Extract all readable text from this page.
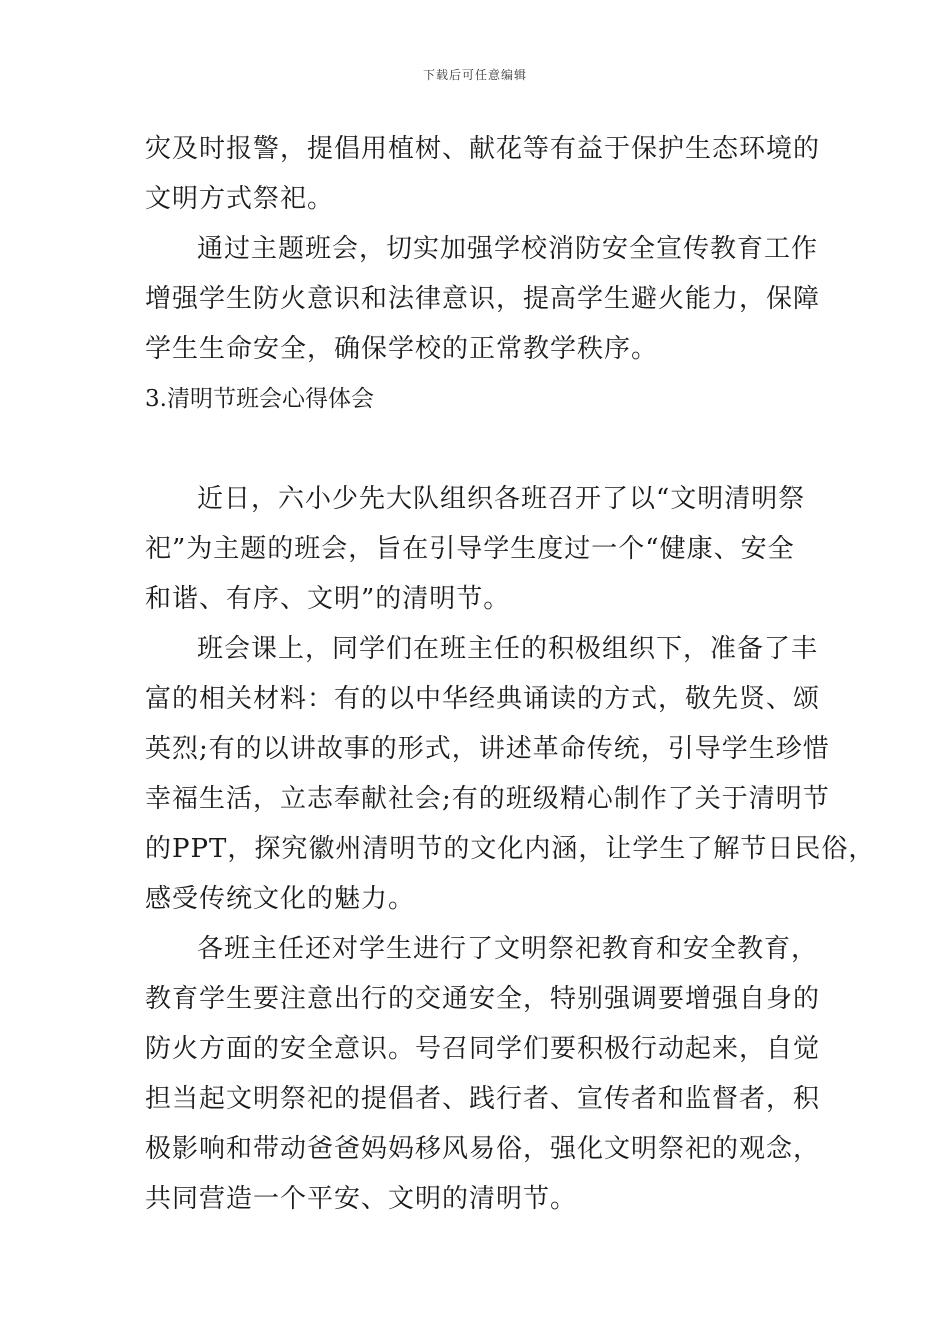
下载后可任意编辑
灾及时报警，提倡用植树、献花等有益于保护生态环境的
文明方式祭祀。
通过主题班会，切实加强学校消防安全宣传教育工作
增强学生防火意识和法律意识，提高学生避火能力，保障
学生生命安全，确保学校的正常教学秩序。
3.清明节班会心得体会
近日，六小少先大队组织各班召开了以“文明清明祭
祀”为主题的班会，旨在引导学生度过一个“健康、安全
和谐、有序、文明”的清明节。
班会课上，同学们在班主任的积极组织下，准备了丰
富的相关材料：有的以中华经典诵读的方式，敬先贤、颂
英烈;有的以讲故事的形式，讲述革命传统，引导学生珍惜
幸福生活，立志奉献社会;有的班级精心制作了关于清明节
的PPT，探究徽州清明节的文化内涵，让学生了解节日民俗，
感受传统文化的魅力。
各班主任还对学生进行了文明祭祀教育和安全教育，
教育学生要注意出行的交通安全，特别强调要增强自身的
防火方面的安全意识。号召同学们要积极行动起来，自觉
担当起文明祭祀的提倡者、践行者、宣传者和监督者，积
极影响和带动爸爸妈妈移风易俗，强化文明祭祀的观念，
共同营造一个平安、文明的清明节。
